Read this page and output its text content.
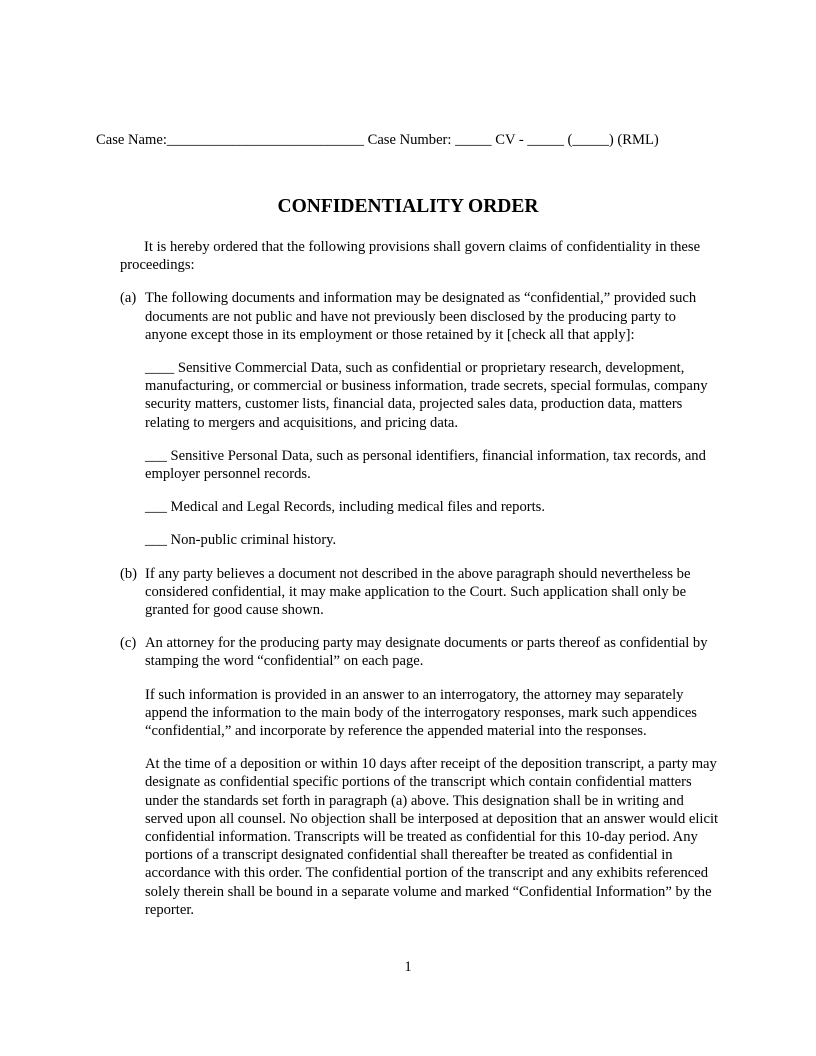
Case Name:___________________________ Case Number: _____ CV - _____ (_____) (RML)
CONFIDENTIALITY ORDER

It is hereby ordered that the following provisions shall govern claims of confidentiality in these proceedings:

(a) The following documents and information may be designated as “confidential,” provided such documents are not public and have not previously been disclosed by the producing party to anyone except those in its employment or those retained by it [check all that apply]:

____ Sensitive Commercial Data, such as confidential or proprietary research, development, manufacturing, or commercial or business information, trade secrets, special formulas, company security matters, customer lists, financial data, projected sales data, production data, matters relating to mergers and acquisitions, and pricing data.

___ Sensitive Personal Data, such as personal identifiers, financial information, tax records, and employer personnel records.

___ Medical and Legal Records, including medical files and reports.

___ Non-public criminal history.

(b) If any party believes a document not described in the above paragraph should nevertheless be considered confidential, it may make application to the Court. Such application shall only be granted for good cause shown.

(c) An attorney for the producing party may designate documents or parts thereof as confidential by stamping the word “confidential” on each page.

If such information is provided in an answer to an interrogatory, the attorney may separately append the information to the main body of the interrogatory responses, mark such appendices “confidential,” and incorporate by reference the appended material into the responses.

At the time of a deposition or within 10 days after receipt of the deposition transcript, a party may designate as confidential specific portions of the transcript which contain confidential matters under the standards set forth in paragraph (a) above. This designation shall be in writing and served upon all counsel. No objection shall be interposed at deposition that an answer would elicit confidential information. Transcripts will be treated as confidential for this 10-day period. Any portions of a transcript designated confidential shall thereafter be treated as confidential in accordance with this order. The confidential portion of the transcript and any exhibits referenced solely therein shall be bound in a separate volume and marked “Confidential Information” by the reporter.

1
